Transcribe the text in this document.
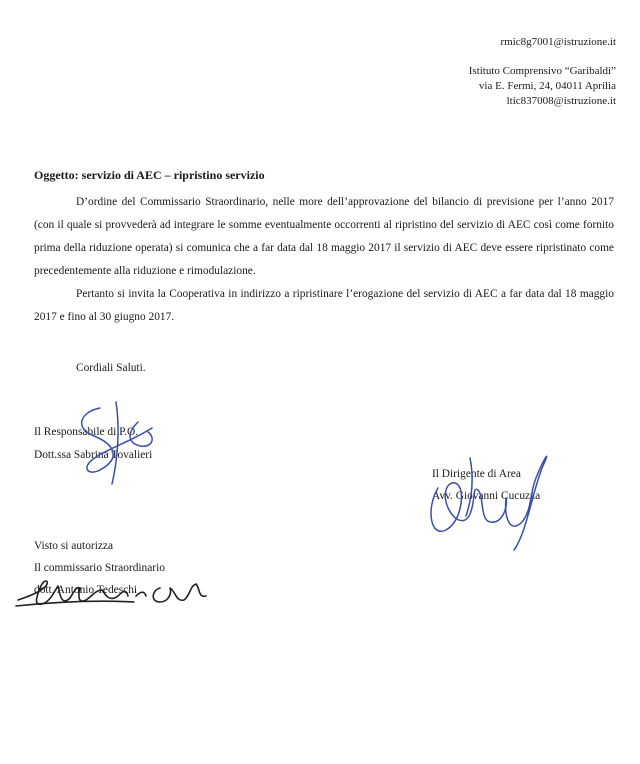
rmic8g7001@istruzione.it
Istituto Comprensivo “Garibaldi”
via E. Fermi, 24, 04011 Aprilia
ltic837008@istruzione.it
Oggetto: servizio di AEC – ripristino servizio
D’ordine del Commissario Straordinario, nelle more dell’approvazione del bilancio di previsione per l’anno 2017 (con il quale si provvederà ad integrare le somme eventualmente occorrenti al ripristino del servizio di AEC così come fornito prima della riduzione operata) si comunica che a far data dal 18 maggio 2017 il servizio di AEC deve essere ripristinato come precedentemente alla riduzione e rimodulazione.
Pertanto si invita la Cooperativa in indirizzo a ripristinare l’erogazione del servizio di AEC a far data dal 18 maggio 2017 e fino al 30 giugno 2017.
Cordiali Saluti.
Il Responsabile di P.O.
Dott.ssa Sabrina Tovalieri
Il Dirigente di Area
Avv. Giovanni Cucuzza
Visto si autorizza
Il commissario Straordinario
dott. Antonio Tedeschi
